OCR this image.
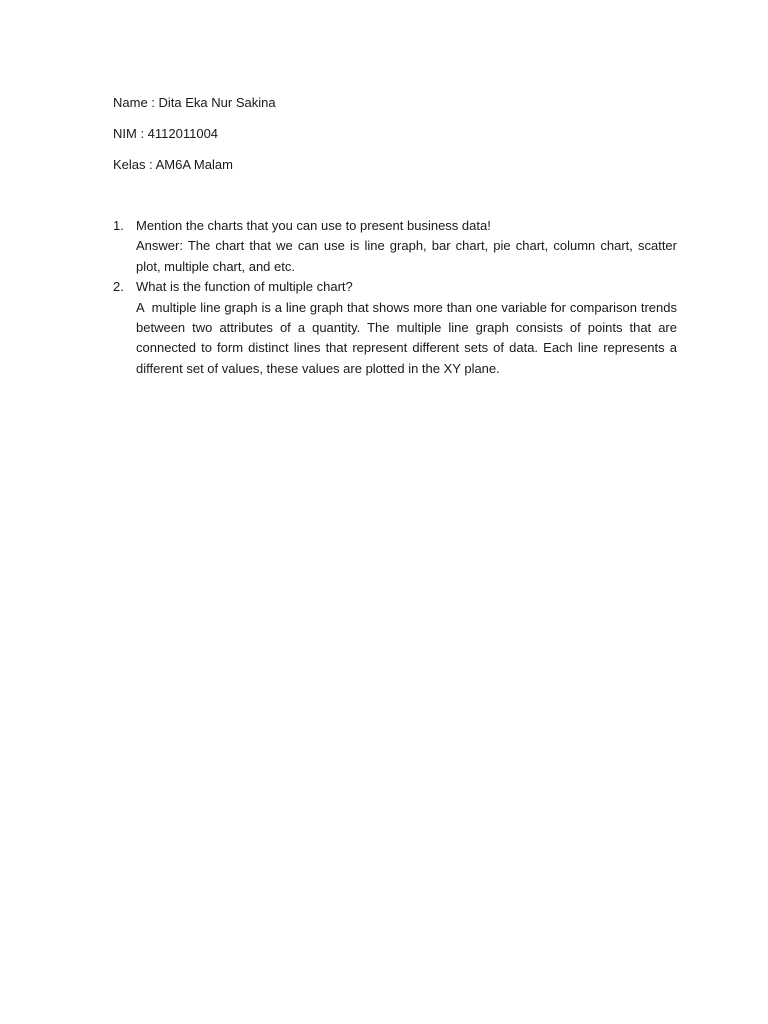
Name : Dita Eka Nur Sakina
NIM : 4112011004
Kelas : AM6A Malam
1. Mention the charts that you can use to present business data!
Answer: The chart that we can use is line graph, bar chart, pie chart, column chart, scatter plot, multiple chart, and etc.
2. What is the function of multiple chart?
A  multiple line graph is a line graph that shows more than one variable for comparison trends between two attributes of a quantity. The multiple line graph consists of points that are connected to form distinct lines that represent different sets of data. Each line represents a different set of values, these values are plotted in the XY plane.
